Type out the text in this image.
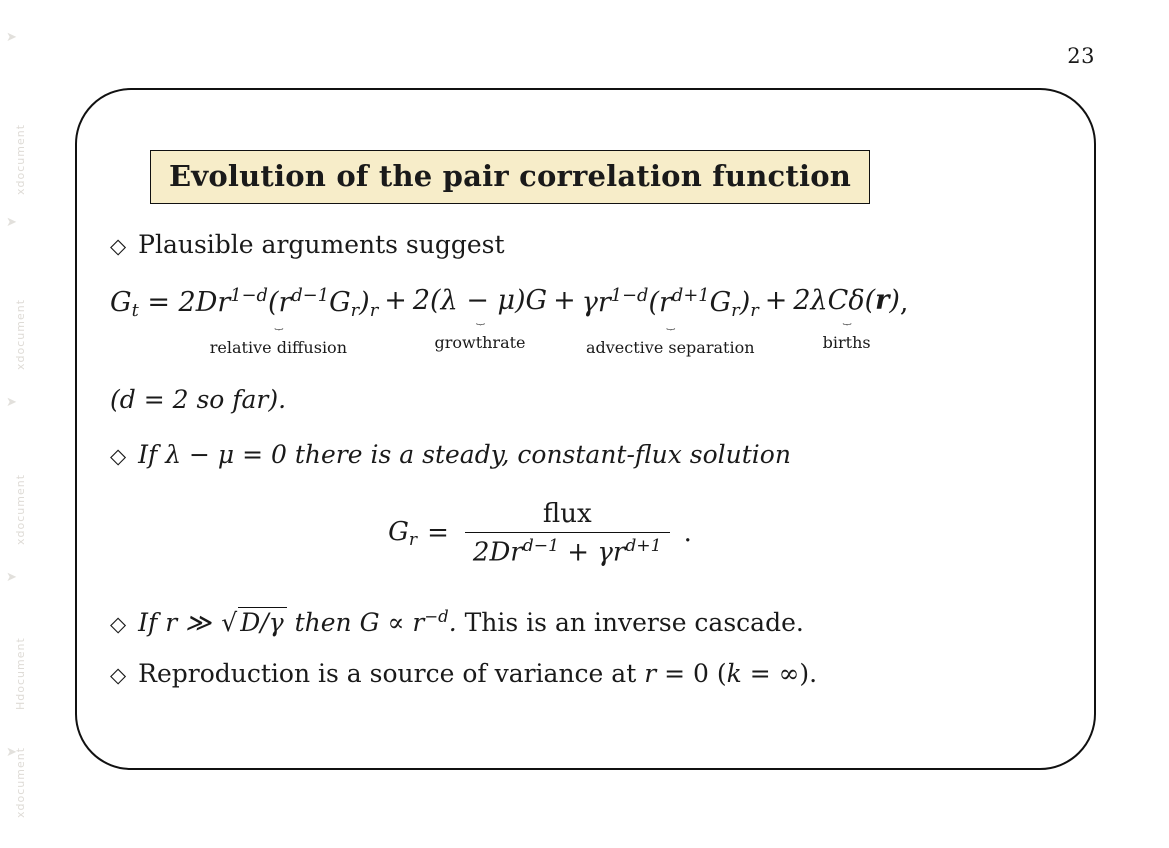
➤
xdocument
➤
xdocument
➤
xdocument
➤
Hdocument
➤
xdocument
23
Evolution of the pair correlation function
◇ Plausible arguments suggest
$G_t = 2Dr^{1-d}(r^{d-1}G_r)_r$
⏟
relative diffusion
+ 2(λ − μ)G
⏟
growthrate
+ $\gamma r^{1-d}(r^{d+1}G_r)_r$
⏟
advective separation
+ 2λCδ(r)
⏟
births
,
(d = 2 so far).
◇ If λ − μ = 0 there is a steady, constant-flux solution
$G_r = \frac{\text{flux}}{2Dr^{d-1} + \gamma r^{d+1}}$ .
◇ If r ≫ √ D/γ then $G \propto r^{-d}$. This is an inverse cascade.
◇ Reproduction is a source of variance at r = 0 (k = ∞).
